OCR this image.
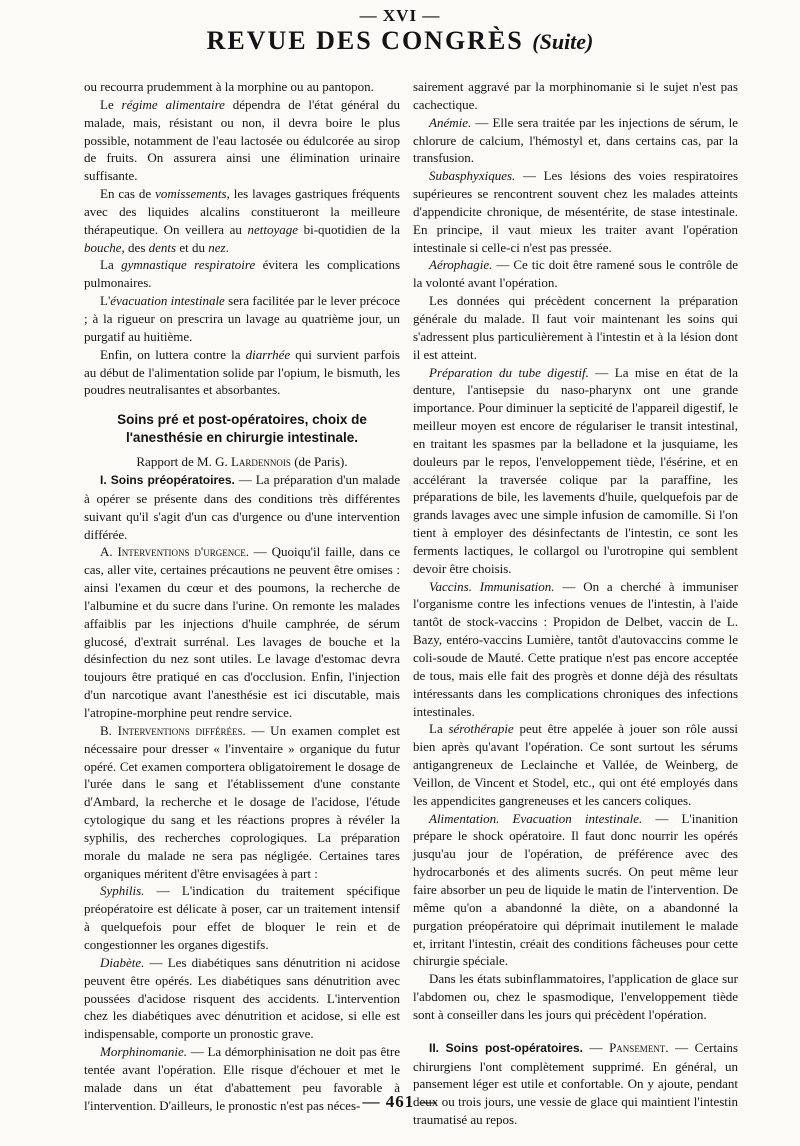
— XVI —
REVUE DES CONGRÈS (Suite)

ou recourra prudemment à la morphine ou au pantopon.

Le régime alimentaire dépendra de l'état général du malade, mais, résistant ou non, il devra boire le plus possible, notamment de l'eau lactosée ou édulcorée au sirop de fruits. On assurera ainsi une élimination urinaire suffisante.

En cas de vomissements, les lavages gastriques fréquents avec des liquides alcalins constitueront la meilleure thérapeutique. On veillera au nettoyage bi-quotidien de la bouche, des dents et du nez.

La gymnastique respiratoire évitera les complications pulmonaires.

L'évacuation intestinale sera facilitée par le lever précoce ; à la rigueur on prescrira un lavage au quatrième jour, un purgatif au huitième.

Enfin, on luttera contre la diarrhée qui survient parfois au début de l'alimentation solide par l'opium, le bismuth, les poudres neutralisantes et absorbantes.

Soins pré et post-opératoires, choix de
l'anesthésie en chirurgie intestinale.

Rapport de M. G. Lardennois (de Paris).

I. Soins préopératoires. — La préparation d'un malade à opérer se présente dans des conditions très différentes suivant qu'il s'agit d'un cas d'urgence ou d'une intervention différée.

A. Interventions d'urgence. — Quoiqu'il faille, dans ce cas, aller vite, certaines précautions ne peuvent être omises : ainsi l'examen du cœur et des poumons, la recherche de l'albumine et du sucre dans l'urine. On remonte les malades affaiblis par les injections d'huile camphrée, de sérum glucosé, d'extrait surrénal. Les lavages de bouche et la désinfection du nez sont utiles. Le lavage d'estomac devra toujours être pratiqué en cas d'occlusion. Enfin, l'injection d'un narcotique avant l'anesthésie est ici discutable, mais l'atropine-morphine peut rendre service.

B. Interventions différées. — Un examen complet est nécessaire pour dresser « l'inventaire » organique du futur opéré. Cet examen comportera obligatoirement le dosage de l'urée dans le sang et l'établissement d'une constante d'Ambard, la recherche et le dosage de l'acidose, l'étude cytologique du sang et les réactions propres à révéler la syphilis, des recherches coprologiques. La préparation morale du malade ne sera pas négligée. Certaines tares organiques méritent d'être envisagées à part :

Syphilis. — L'indication du traitement spécifique préopératoire est délicate à poser, car un traitement intensif à quelquefois pour effet de bloquer le rein et de congestionner les organes digestifs.

Diabète. — Les diabétiques sans dénutrition ni acidose peuvent être opérés. Les diabétiques sans dénutrition avec poussées d'acidose risquent des accidents. L'intervention chez les diabétiques avec dénutrition et acidose, si elle est indispensable, comporte un pronostic grave.

Morphinomanie. — La démorphinisation ne doit pas être tentée avant l'opération. Elle risque d'échouer et met le malade dans un état d'abattement peu favorable à l'intervention. D'ailleurs, le pronostic n'est pas néces-

sairement aggravé par la morphinomanie si le sujet n'est pas cachectique.

Anémie. — Elle sera traitée par les injections de sérum, le chlorure de calcium, l'hémostyl et, dans certains cas, par la transfusion.

Subasphyxiques. — Les lésions des voies respiratoires supérieures se rencontrent souvent chez les malades atteints d'appendicite chronique, de mésentérite, de stase intestinale. En principe, il vaut mieux les traiter avant l'opération intestinale si celle-ci n'est pas pressée.

Aérophagie. — Ce tic doit être ramené sous le contrôle de la volonté avant l'opération.

Les données qui précèdent concernent la préparation générale du malade. Il faut voir maintenant les soins qui s'adressent plus particulièrement à l'intestin et à la lésion dont il est atteint.

Préparation du tube digestif. — La mise en état de la denture, l'antisepsie du naso-pharynx ont une grande importance. Pour diminuer la septicité de l'appareil digestif, le meilleur moyen est encore de régulariser le transit intestinal, en traitant les spasmes par la belladone et la jusquiame, les douleurs par le repos, l'enveloppement tiède, l'ésérine, et en accélérant la traversée colique par la paraffine, les préparations de bile, les lavements d'huile, quelquefois par de grands lavages avec une simple infusion de camomille. Si l'on tient à employer des désinfectants de l'intestin, ce sont les ferments lactiques, le collargol ou l'urotropine qui semblent devoir être choisis.

Vaccins. Immunisation. — On a cherché à immuniser l'organisme contre les infections venues de l'intestin, à l'aide tantôt de stock-vaccins : Propidon de Delbet, vaccin de L. Bazy, entéro-vaccins Lumière, tantôt d'autovaccins comme le coli-soude de Mauté. Cette pratique n'est pas encore acceptée de tous, mais elle fait des progrès et donne déjà des résultats intéressants dans les complications chroniques des infections intestinales.

La sérothérapie peut être appelée à jouer son rôle aussi bien après qu'avant l'opération. Ce sont surtout les sérums antigangreneux de Leclainche et Vallée, de Weinberg, de Veillon, de Vincent et Stodel, etc., qui ont été employés dans les appendicites gangreneuses et les cancers coliques.

Alimentation. Evacuation intestinale. — L'inanition prépare le shock opératoire. Il faut donc nourrir les opérés jusqu'au jour de l'opération, de préférence avec des hydrocarbonés et des aliments sucrés. On peut même leur faire absorber un peu de liquide le matin de l'intervention. De même qu'on a abandonné la diète, on a abandonné la purgation préopératoire qui déprimait inutilement le malade et, irritant l'intestin, créait des conditions fâcheuses pour cette chirurgie spéciale.

Dans les états subinflammatoires, l'application de glace sur l'abdomen ou, chez le spasmodique, l'enveloppement tiède sont à conseiller dans les jours qui précèdent l'opération.

II. Soins post-opératoires. — Pansement. — Certains chirurgiens l'ont complètement supprimé. En général, un pansement léger est utile et confortable. On y ajoute, pendant deux ou trois jours, une vessie de glace qui maintient l'intestin traumatisé au repos.

— 461 —
